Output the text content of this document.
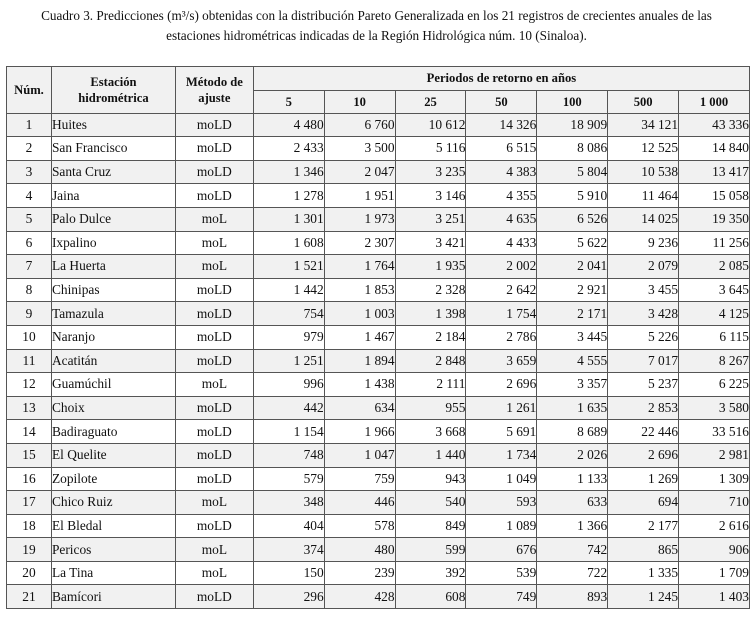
Cuadro 3. Predicciones (m³/s) obtenidas con la distribución Pareto Generalizada en los 21 registros de crecientes anuales de las
estaciones hidrométricas indicadas de la Región Hidrológica núm. 10 (Sinaloa).
Núm.	Estación hidrométrica	Método de ajuste	Periodos de retorno en años						
			5	10	25	50	100	500	1 000
1	Huites	moLD	4 480	6 760	10 612	14 326	18 909	34 121	43 336
2	San Francisco	moLD	2 433	3 500	5 116	6 515	8 086	12 525	14 840
3	Santa Cruz	moLD	1 346	2 047	3 235	4 383	5 804	10 538	13 417
4	Jaina	moLD	1 278	1 951	3 146	4 355	5 910	11 464	15 058
5	Palo Dulce	moL	1 301	1 973	3 251	4 635	6 526	14 025	19 350
6	Ixpalino	moL	1 608	2 307	3 421	4 433	5 622	9 236	11 256
7	La Huerta	moL	1 521	1 764	1 935	2 002	2 041	2 079	2 085
8	Chinipas	moLD	1 442	1 853	2 328	2 642	2 921	3 455	3 645
9	Tamazula	moLD	754	1 003	1 398	1 754	2 171	3 428	4 125
10	Naranjo	moLD	979	1 467	2 184	2 786	3 445	5 226	6 115
11	Acatitán	moLD	1 251	1 894	2 848	3 659	4 555	7 017	8 267
12	Guamúchil	moL	996	1 438	2 111	2 696	3 357	5 237	6 225
13	Choix	moLD	442	634	955	1 261	1 635	2 853	3 580
14	Badiraguato	moLD	1 154	1 966	3 668	5 691	8 689	22 446	33 516
15	El Quelite	moLD	748	1 047	1 440	1 734	2 026	2 696	2 981
16	Zopilote	moLD	579	759	943	1 049	1 133	1 269	1 309
17	Chico Ruiz	moL	348	446	540	593	633	694	710
18	El Bledal	moLD	404	578	849	1 089	1 366	2 177	2 616
19	Pericos	moL	374	480	599	676	742	865	906
20	La Tina	moL	150	239	392	539	722	1 335	1 709
21	Bamícori	moLD	296	428	608	749	893	1 245	1 403
